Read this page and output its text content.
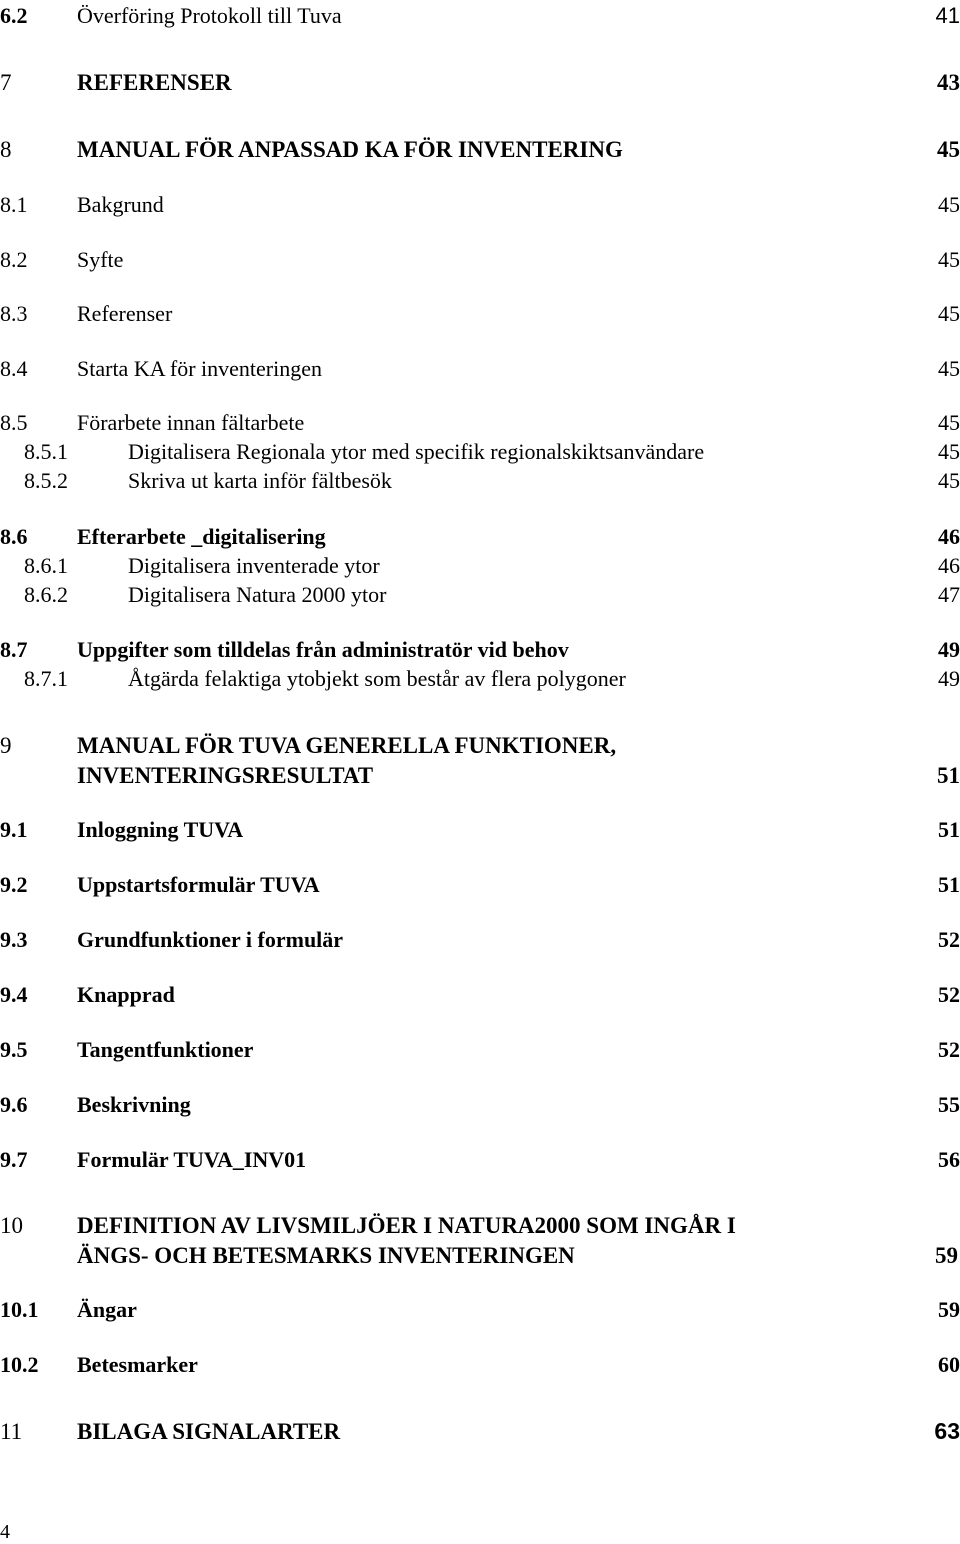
6.2 Överföring Protokoll till Tuva	41
7	REFERENSER	43
8	MANUAL FÖR ANPASSAD KA FÖR INVENTERING	45
8.1 Bakgrund	45
8.2 Syfte	45
8.3 Referenser	45
8.4 Starta KA för inventeringen	45
8.5 Förarbete innan fältarbete	45
8.5.1	Digitalisera Regionala ytor med specifik regionalskiktsanvändare	45
8.5.2	Skriva ut karta inför fältbesök	45
8.6 Efterarbete _digitalisering	46
8.6.1	Digitalisera inventerade ytor	46
8.6.2	Digitalisera Natura 2000 ytor	47
8.7 Uppgifter som tilldelas från administratör vid behov	49
8.7.1	Åtgärda felaktiga ytobjekt som består av flera polygoner	49
9	MANUAL FÖR TUVA GENERELLA FUNKTIONER,
INVENTERINGSRESULTAT	51
9.1 Inloggning TUVA	51
9.2 Uppstartsformulär TUVA	51
9.3 Grundfunktioner i formulär	52
9.4 Knapprad	52
9.5 Tangentfunktioner	52
9.6 Beskrivning	55
9.7 Formulär TUVA_INV01	56
10 DEFINITION AV LIVSMILJÖER I NATURA2000 SOM INGÅR I
ÄNGS- OCH BETESMARKS INVENTERINGEN	59
10.1 Ängar	59
10.2 Betesmarker	60
11 BILAGA SIGNALARTER	63
4
